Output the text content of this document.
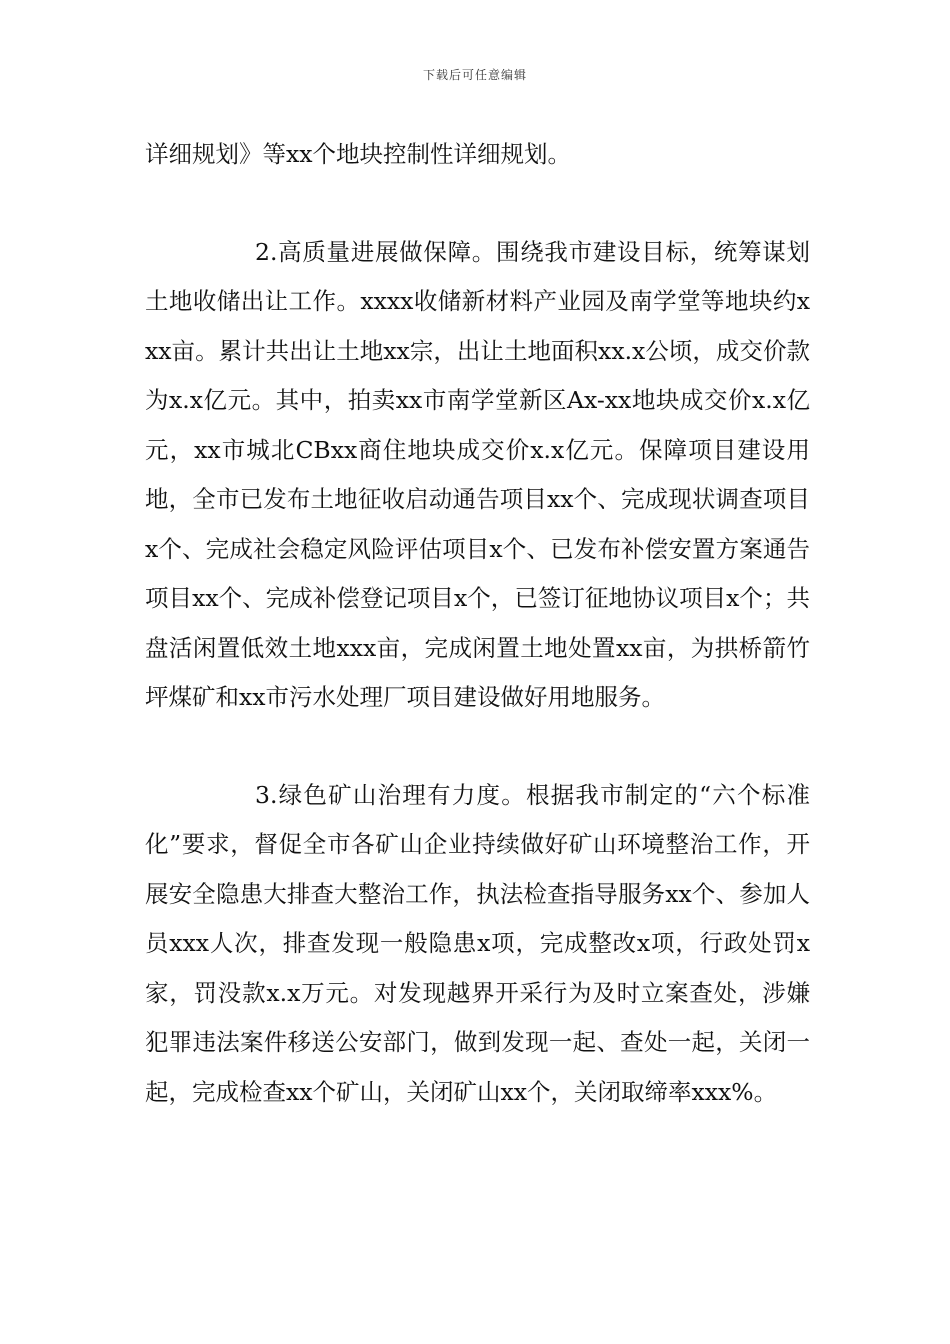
下载后可任意编辑

详细规划》等xx个地块控制性详细规划。

2.高质量进展做保障。围绕我市建设目标，统筹谋划土地收储出让工作。xxxx收储新材料产业园及南学堂等地块约xxx亩。累计共出让土地xx宗，出让土地面积xx.x公顷，成交价款为x.x亿元。其中，拍卖xx市南学堂新区Ax-xx地块成交价x.x亿元，xx市城北CBxx商住地块成交价x.x亿元。保障项目建设用地，全市已发布土地征收启动通告项目xx个、完成现状调查项目x个、完成社会稳定风险评估项目x个、已发布补偿安置方案通告项目xx个、完成补偿登记项目x个，已签订征地协议项目x个；共盘活闲置低效土地xxx亩，完成闲置土地处置xx亩，为拱桥箭竹坪煤矿和xx市污水处理厂项目建设做好用地服务。

3.绿色矿山治理有力度。根据我市制定的“六个标准化”要求，督促全市各矿山企业持续做好矿山环境整治工作，开展安全隐患大排查大整治工作，执法检查指导服务xx个、参加人员xxx人次，排查发现一般隐患x项，完成整改x项，行政处罚x家，罚没款x.x万元。对发现越界开采行为及时立案查处，涉嫌犯罪违法案件移送公安部门，做到发现一起、查处一起，关闭一起，完成检查xx个矿山，关闭矿山xx个，关闭取缔率xxx%。
